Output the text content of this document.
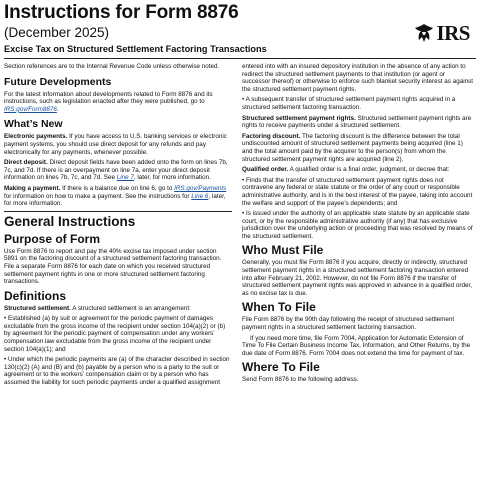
Instructions for Form 8876
(December 2025)
Excise Tax on Structured Settlement Factoring Transactions
IRS

Section references are to the Internal Revenue Code unless otherwise noted.

Future Developments

For the latest information about developments related to Form 8876 and its instructions, such as legislation enacted after they were published, go to IRS.gov/Form8876.

What’s New

Electronic payments. If you have access to U.S. banking services or electronic payment systems, you should use direct deposit for any refunds and pay electronically for any payments, whenever possible.

Direct deposit. Direct deposit fields have been added onto the form on lines 7b, 7c, and 7d. If there is an overpayment on line 7a, enter your direct deposit information on lines 7b, 7c, and 7d. See Line 7, later, for more information.

Making a payment. If there is a balance due on line 6, go to IRS.gov/Payments for information on how to make a payment. See the instructions for Line 6, later, for more information.

General Instructions
Purpose of Form

Use Form 8876 to report and pay the 40% excise tax imposed under section 5891 on the factoring discount of a structured settlement factoring transaction. File a separate Form 8876 for each date on which you received structured settlement payment rights in one or more structured settlement factoring transactions.

Definitions

Structured settlement. A structured settlement is an arrangement:

• Established (a) by suit or agreement for the periodic payment of damages excludable from the gross income of the recipient under section 104(a)(2) or (b) by agreement for the periodic payment of compensation under any workers’ compensation law excludable from the gross income of the recipient under section 104(a)(1); and

• Under which the periodic payments are (a) of the character described in section 130(c)(2) (A) and (B) and (b) payable by a person who is a party to the suit or agreement or to the workers’ compensation claim or by a person who has assumed the liability for such periodic payments under a qualified assignment

entered into with an insured depository institution in the absence of any action to redirect the structured settlement payments to that institution (or agent or successor thereof) or otherwise to enforce such blanket security interest as against the structured settlement payment rights.

• A subsequent transfer of structured settlement payment rights acquired in a structured settlement factoring transaction.

Structured settlement payment rights. Structured settlement payment rights are rights to receive payments under a structured settlement.

Factoring discount. The factoring discount is the difference between the total undiscounted amount of structured settlement payments being acquired (line 1) and the total amount paid by the acquirer to the person(s) from whom the structured settlement payment rights are acquired (line 2).

Qualified order. A qualified order is a final order, judgment, or decree that:

• Finds that the transfer of structured settlement payment rights does not contravene any federal or state statute or the order of any court or responsible administrative authority, and is in the best interest of the payee, taking into account the welfare and support of the payee’s dependents; and

• Is issued under the authority of an applicable state statute by an applicable state court, or by the responsible administrative authority (if any) that has exclusive jurisdiction over the underlying action or proceeding that was resolved by means of the structured settlement.

Who Must File

Generally, you must file Form 8876 if you acquire, directly or indirectly, structured settlement payment rights in a structured settlement factoring transaction entered into after February 21, 2002. However, do not file Form 8876 if the transfer of structured settlement payment rights was approved in advance in a qualified order, as no excise tax is due.

When To File

File Form 8876 by the 90th day following the receipt of structured settlement payment rights in a structured settlement factoring transaction.

If you need more time, file Form 7004, Application for Automatic Extension of Time To File Certain Business Income Tax, Information, and Other Returns, by the due date of Form 8876. Form 7004 does not extend the time for payment of tax.

Where To File

Send Form 8876 to the following address.
